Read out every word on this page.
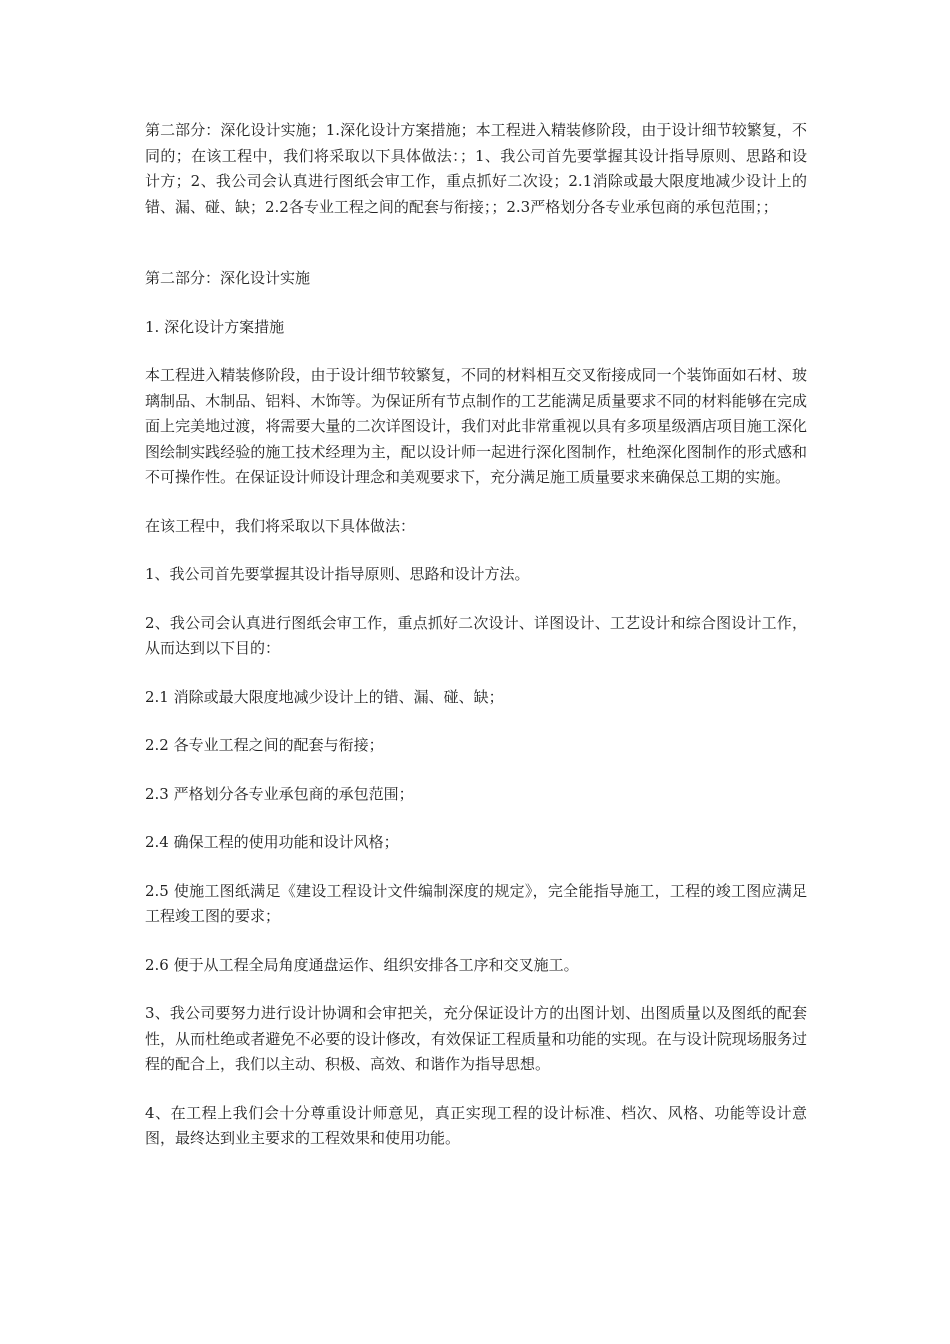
第二部分：深化设计实施；1.深化设计方案措施；本工程进入精装修阶段，由于设计细节较繁复，不同的；在该工程中，我们将采取以下具体做法：；1、我公司首先要掌握其设计指导原则、思路和设计方；2、我公司会认真进行图纸会审工作，重点抓好二次设；2.1消除或最大限度地减少设计上的错、漏、碰、缺；2.2各专业工程之间的配套与衔接；；2.3严格划分各专业承包商的承包范围；；

第二部分：深化设计实施

1. 深化设计方案措施

本工程进入精装修阶段，由于设计细节较繁复，不同的材料相互交叉衔接成同一个装饰面如石材、玻璃制品、木制品、铝料、木饰等。为保证所有节点制作的工艺能满足质量要求不同的材料能够在完成面上完美地过渡，将需要大量的二次详图设计，我们对此非常重视以具有多项星级酒店项目施工深化图绘制实践经验的施工技术经理为主，配以设计师一起进行深化图制作，杜绝深化图制作的形式感和不可操作性。在保证设计师设计理念和美观要求下，充分满足施工质量要求来确保总工期的实施。

在该工程中，我们将采取以下具体做法：

1、我公司首先要掌握其设计指导原则、思路和设计方法。

2、我公司会认真进行图纸会审工作，重点抓好二次设计、详图设计、工艺设计和综合图设计工作，从而达到以下目的：

2.1 消除或最大限度地减少设计上的错、漏、碰、缺；

2.2 各专业工程之间的配套与衔接；

2.3 严格划分各专业承包商的承包范围；

2.4 确保工程的使用功能和设计风格；

2.5 使施工图纸满足《建设工程设计文件编制深度的规定》，完全能指导施工，工程的竣工图应满足工程竣工图的要求；

2.6 便于从工程全局角度通盘运作、组织安排各工序和交叉施工。

3、我公司要努力进行设计协调和会审把关，充分保证设计方的出图计划、出图质量以及图纸的配套性，从而杜绝或者避免不必要的设计修改，有效保证工程质量和功能的实现。在与设计院现场服务过程的配合上，我们以主动、积极、高效、和谐作为指导思想。

4、在工程上我们会十分尊重设计师意见，真正实现工程的设计标准、档次、风格、功能等设计意图，最终达到业主要求的工程效果和使用功能。
